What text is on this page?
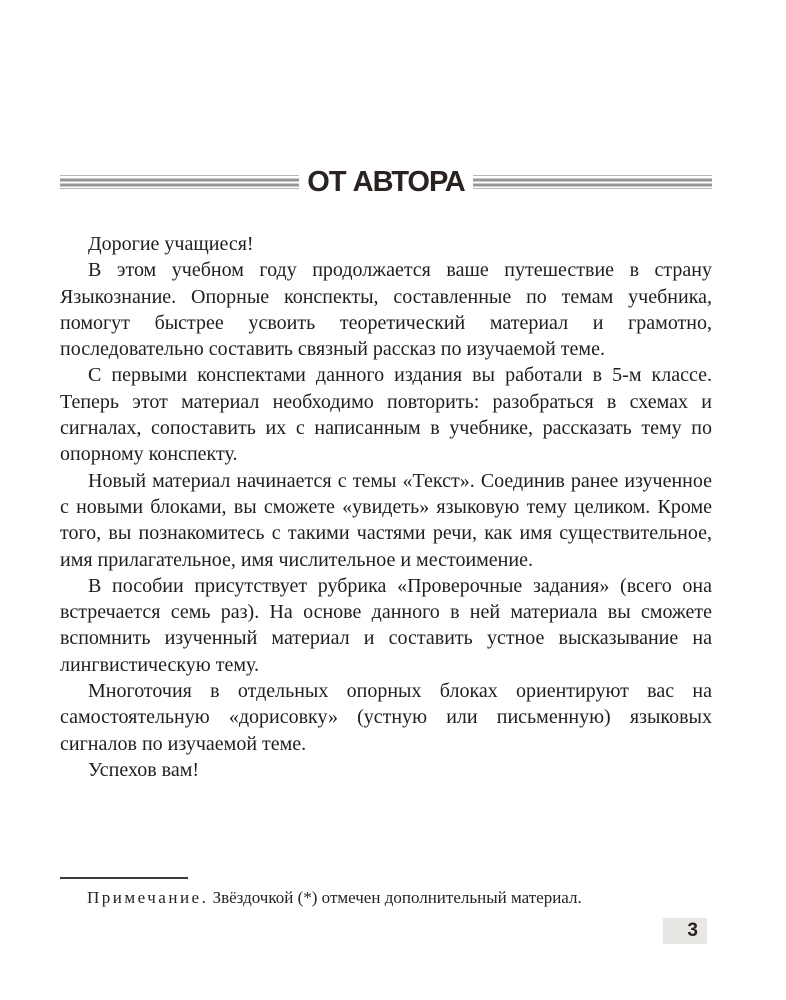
ОТ АВТОРА

Дорогие учащиеся!

В этом учебном году продолжается ваше путешествие в страну Языкознание. Опорные конспекты, составленные по темам учебника, помогут быстрее усвоить теоретический материал и грамотно, последовательно составить связный рассказ по изучаемой теме.

С первыми конспектами данного издания вы работали в 5-м классе. Теперь этот материал необходимо повторить: разобраться в схемах и сигналах, сопоставить их с написанным в учебнике, рассказать тему по опорному конспекту.

Новый материал начинается с темы «Текст». Соединив ранее изученное с новыми блоками, вы сможете «увидеть» языковую тему целиком. Кроме того, вы познакомитесь с такими частями речи, как имя существительное, имя прилагательное, имя числительное и местоимение.

В пособии присутствует рубрика «Проверочные задания» (всего она встречается семь раз). На основе данного в ней материала вы сможете вспомнить изученный материал и составить устное высказывание на лингвистическую тему.

Многоточия в отдельных опорных блоках ориентируют вас на самостоятельную «дорисовку» (устную или письменную) языковых сигналов по изучаемой теме.

Успехов вам!

Примечание. Звёздочкой (*) отмечен дополнительный материал.

3
